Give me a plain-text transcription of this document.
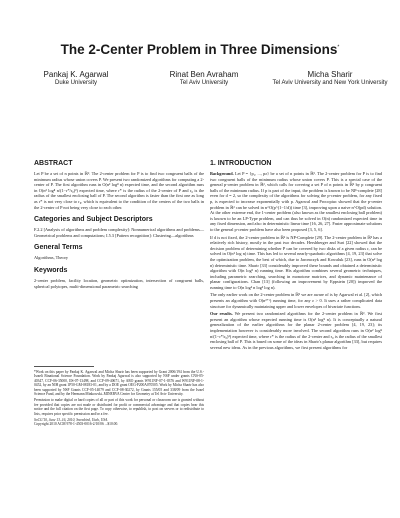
The 2-Center Problem in Three Dimensions*
Pankaj K. Agarwal
Duke University
Rinat Ben Avraham
Tel Aviv University
Micha Sharir
Tel Aviv University and New York University
ABSTRACT

Let P be a set of n points in ℝ³. The 2-center problem for P is to find two congruent balls of the minimum radius whose union covers P. We present two randomized algorithms for computing a 2-center of P. The first algorithm runs in O(n³ log⁸ n) expected time, and the second algorithm runs in O(n² log⁸ n/(1−r*/r₀)³) expected time, where r* is the radius of the 2-center of P and r₀ is the radius of the smallest enclosing ball of P. The second algorithm is faster than the first one as long as r* is not very close to r₀, which is equivalent to the condition of the centers of the two balls in the 2-center of P not being very close to each other.

Categories and Subject Descriptors

F.2.2 [Analysis of algorithms and problem complexity]: Nonnumerical algorithms and problems—Geometrical problems and computations; I.5.3 [Pattern recognition]: Clustering—algorithms

General Terms

Algorithms, Theory

Keywords

2-center problem, facility location, geometric optimization, intersection of congruent balls, spherical polytopes, multi-dimensional parametric searching

*Work on this paper by Pankaj K. Agarwal and Micha Sharir has been supported by Grant 2006/194 from the U.S.-Israeli Binational Science Foundation. Work by Pankaj Agarwal is also supported by NSF under grants CNS-05-40347, CCF-06-35000, IIS-07-13498, and CCF-09-40671, by ARO grants W911NF-07-1-0376 and W911NF-08-1-0452, by an NIH grant 1P50-GM-08183-01, and by a DOE grant OEG-P200A070505. Work by Micha Sharir has also been supported by NSF Grants CCF-05-14079 and CCF-08-30272, by Grants 155/05 and 338/09 from the Israel Science Fund, and by the Hermann Minkowski–MINERVA Center for Geometry at Tel Aviv University.

Permission to make digital or hard copies of all or part of this work for personal or classroom use is granted without fee provided that copies are not made or distributed for profit or commercial advantage and that copies bear this notice and the full citation on the first page. To copy otherwise, to republish, to post on servers or to redistribute to lists, requires prior specific permission and/or a fee.

SoCG'10, June 13–16, 2010, Snowbird, Utah, USA.

Copyright 2010 ACM 978-1-4503-0016-2/10/06 ...$10.00.

1. INTRODUCTION

Background. Let P = {p₁, ..., pₙ} be a set of n points in ℝ³. The 2-center problem for P is to find two congruent balls of the minimum radius whose union covers P. This is a special case of the general p-center problem in ℝᵈ, which calls for covering a set P of n points in ℝᵈ by p congruent balls of the minimum radius. If p is part of the input, the problem is known to be NP-complete [28] even for d = 2, so the complexity of the algorithms for solving the p-center problem, for any fixed p, is expected to increase exponentially with p. Agarwal and Procopiuc showed that the p-center problem in ℝᵈ can be solved in n^O(p^(1−1/d)) time [3], improving upon a naive n^O(pd) solution. At the other extreme end, the 1-center problem (also known as the smallest enclosing ball problem) is known to be an LP-Type problem, and can thus be solved in O(n) randomized expected time in any fixed dimension, and also in deterministic linear time [16, 26, 27]. Faster approximate solutions to the general p-center problem have also been proposed [3, 5, 6].

If d is not fixed, the 2-center problem in ℝᵈ is NP-Complete [29]. The 2-center problem in ℝ² has a relatively rich history, mostly in the past two decades. Hershberger and Suri [22] showed that the decision problem of determining whether P can be covered by two disks of a given radius r, can be solved in O(n² log n) time. This has led to several nearly-quadratic algorithms [4, 19, 23] that solve the optimization problem, the best of which, due to Jaromczyk and Kowaluk [23], runs in O(n² log n) deterministic time. Sharir [33] considerably improved these bounds and obtained a deterministic algorithm with O(n log⁹ n) running time. His algorithm combines several geometric techniques, including parametric searching, searching in monotone matrices, and dynamic maintenance of planar configurations. Chan [13] (following an improvement by Eppstein [20]) improved the running time to O(n log² n log² log n).

The only earlier work on the 2-center problem in ℝ³ we are aware of is by Agarwal et al. [2], which presents an algorithm with O(n³⁺ᵋ) running time, for any ε > 0. It uses a rather complicated data structure for dynamically maintaining upper and lower envelopes of bivariate functions.

Our results. We present two randomized algorithms for the 2-center problem in ℝ³. We first present an algorithm whose expected running time is O(n³ log⁸ n). It is conceptually a natural generalization of the earlier algorithms for the planar 2-center problem [4, 19, 23]; its implementation however is considerably more involved. The second algorithm runs in O(n² log⁸ n/(1−r*/r₀)³) expected time, where r* is the radius of the 2-center and r₀ is the radius of the smallest enclosing ball of P. This is based on some of the ideas in Sharir's planar algorithm [33], but requires several new ideas. As in the previous algorithms, we first present algorithms for
